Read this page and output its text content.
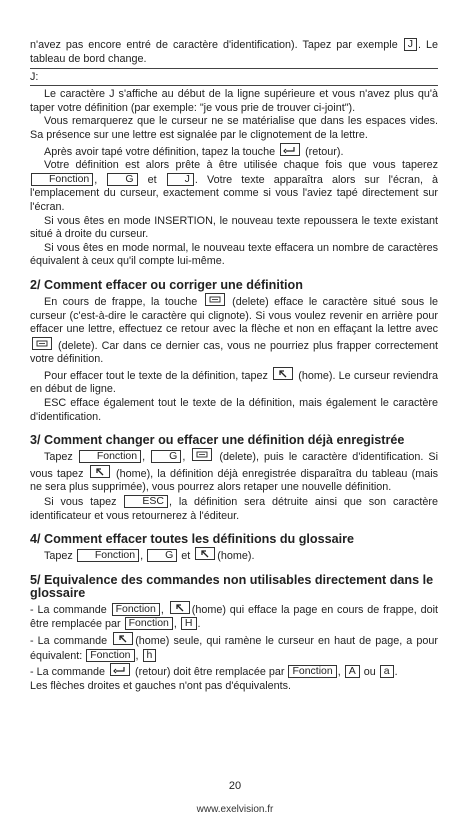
n'avez pas encore entré de caractère d'identification). Tapez par exemple J . Le tableau de bord change.

J:

Le caractère J s'affiche au début de la ligne supérieure et vous n'avez plus qu'à taper votre définition (par exemple: "je vous prie de trouver ci-joint").

Vous remarquerez que le curseur ne se matérialise que dans les espaces vides. Sa présence sur une lettre est signalée par le clignotement de la lettre.

Après avoir tapé votre définition, tapez la touche	(retour).

Votre définition est alors prête à être utilisée chaque fois que vous taperez Fonction , G et	J . Votre texte apparaîtra alors sur l'écran, à l'emplacement du curseur, exactement comme si vous l'aviez tapé directement sur l'écran.

Si vous êtes en mode INSERTION, le nouveau texte repoussera le texte existant situé à droite du curseur.

Si vous êtes en mode normal, le nouveau texte effacera un nombre de caractères équivalent à ceux qu'il compte lui-même.

2/ Comment effacer ou corriger une définition

En cours de frappe, la touche	(delete) efface le caractère situé sous le curseur (c'est-à-dire le caractère qui clignote). Si vous voulez revenir en arrière pour effacer une lettre, effectuez ce retour avec la flèche et non en effaçant la lettre avec
(delete). Car dans ce dernier cas, vous ne pourriez plus frapper correctement votre définition.

Pour effacer tout le texte de la définition, tapez	(home). Le curseur reviendra en début de ligne.

ESC efface également tout le texte de la définition, mais également le caractère d'identification.

3/ Comment changer ou effacer une définition déjà enregistrée

Tapez Fonction , G ,	(delete), puis le caractère d'identification. Si vous tapez	(home), la définition déjà enregistrée disparaîtra du tableau (mais ne sera plus supprimée), vous pourrez alors retaper une nouvelle définition.

Si vous tapez ESC , la définition sera détruite ainsi que son caractère identificateur et vous retournerez à l'éditeur.

4/ Comment effacer toutes les définitions du glossaire

Tapez Fonction , G et	(home).

5/ Equivalence des commandes non utilisables directement dans le glossaire

- La commande Fonction ,
(home) qui efface la page en cours de frappe, doit être remplacée par Fonction , H .

- La commande	(home) seule, qui ramène le curseur en haut de page, a pour équivalent: Fonction , h

- La commande	(retour) doit être remplacée par Fonction , A ou a .

Les flèches droites et gauches n'ont pas d'équivalents.

20
www.exelvision.fr
